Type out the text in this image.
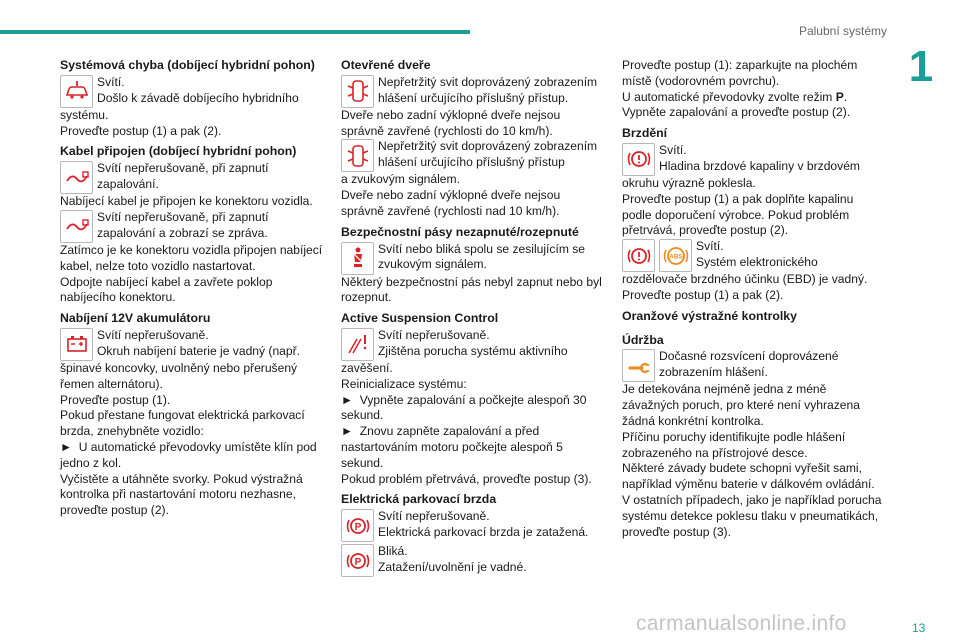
Palubní systémy
1
Systémová chyba (dobíjecí hybridní pohon)
Svítí.
Došlo k závadě dobíjecího hybridního
systému.
Proveďte postup (1) a pak (2).
Kabel připojen (dobíjecí hybridní pohon)
Svítí nepřerušovaně, při zapnutí
zapalování.
Nabíjecí kabel je připojen ke konektoru vozidla.
Svítí nepřerušovaně, při zapnutí
zapalování a zobrazí se zpráva.
Zatímco je ke konektoru vozidla připojen nabíjecí
kabel, nelze toto vozidlo nastartovat.
Odpojte nabíjecí kabel a zavřete poklop
nabíjecího konektoru.
Nabíjení 12V akumulátoru
Svítí nepřerušovaně.
Okruh nabíjení baterie je vadný (např.
špinavé koncovky, uvolněný nebo přerušený
řemen alternátoru).
Proveďte postup (1).
Pokud přestane fungovat elektrická parkovací
brzda, znehybněte vozidlo:
►  U automatické převodovky umístěte klín pod
jedno z kol.
Vyčistěte a utáhněte svorky. Pokud výstražná
kontrolka při nastartování motoru nezhasne,
proveďte postup (2).
Otevřené dveře
Nepřetržitý svit doprovázený zobrazením
hlášení určujícího příslušný přístup.
Dveře nebo zadní výklopné dveře nejsou
správně zavřené (rychlosti do 10 km/h).
Nepřetržitý svit doprovázený zobrazením
hlášení určujícího příslušný přístup
a zvukovým signálem.
Dveře nebo zadní výklopné dveře nejsou
správně zavřené (rychlosti nad 10 km/h).
Bezpečnostní pásy nezapnuté/rozepnuté
Svítí nebo bliká spolu se zesilujícím se
zvukovým signálem.
Některý bezpečnostní pás nebyl zapnut nebo byl
rozepnut.
Active Suspension Control
Svítí nepřerušovaně.
Zjištěna porucha systému aktivního
zavěšení.
Reinicializace systému:
►  Vypněte zapalování a počkejte alespoň 30
sekund.
►  Znovu zapněte zapalování a před
nastartováním motoru počkejte alespoň 5
sekund.
Pokud problém přetrvává, proveďte postup (3).
Elektrická parkovací brzda
P
Svítí nepřerušovaně.
Elektrická parkovací brzda je zatažená.
P
Bliká.
Zatažení/uvolnění je vadné.
Proveďte postup (1): zaparkujte na plochém
místě (vodorovném povrchu).
U automatické převodovky zvolte režim P.
Vypněte zapalování a proveďte postup (2).
Brzdění
Svítí.
Hladina brzdové kapaliny v brzdovém
okruhu výrazně poklesla.
Proveďte postup (1) a pak doplňte kapalinu
podle doporučení výrobce. Pokud problém
přetrvává, proveďte postup (2).
ABS
Svítí.
Systém elektronického
rozdělovače brzdného účinku (EBD) je vadný.
Proveďte postup (1) a pak (2).
Oranžové výstražné kontrolky
Údržba
Dočasné rozsvícení doprovázené
zobrazením hlášení.
Je detekována nejméně jedna z méně
závažných poruch, pro které není vyhrazena
žádná konkrétní kontrolka.
Příčinu poruchy identifikujte podle hlášení
zobrazeného na přístrojové desce.
Některé závady budete schopni vyřešit sami,
například výměnu baterie v dálkovém ovládání.
V ostatních případech, jako je například porucha
systému detekce poklesu tlaku v pneumatikách,
proveďte postup (3).
carmanualsonline.info	13
